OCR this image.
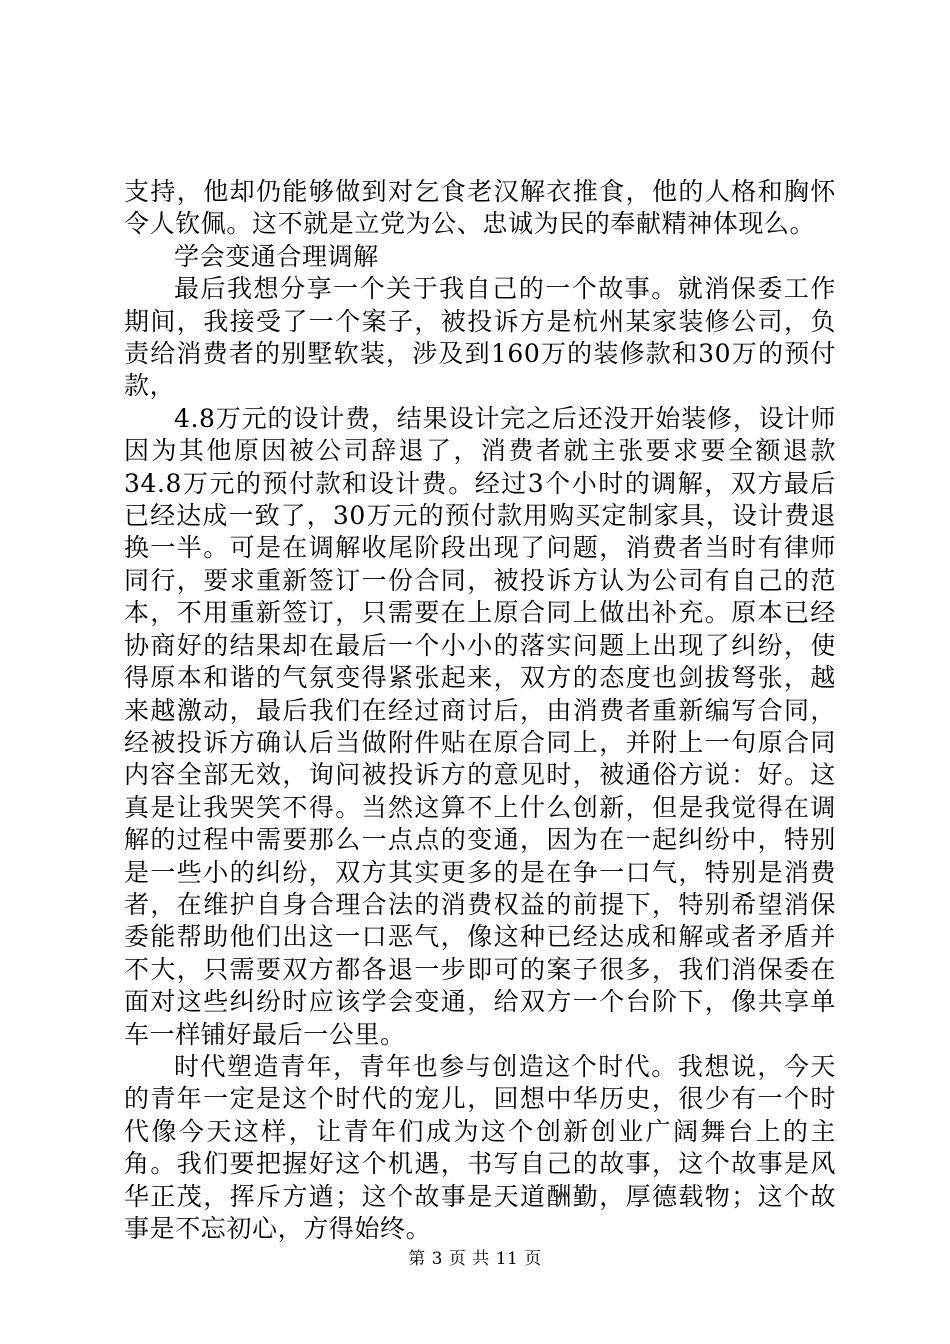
支持，他却仍能够做到对乞食老汉解衣推食，他的人格和胸怀令人钦佩。这不就是立党为公、忠诚为民的奉献精神体现么。

学会变通合理调解

最后我想分享一个关于我自己的一个故事。就消保委工作期间，我接受了一个案子，被投诉方是杭州某家装修公司，负责给消费者的别墅软装，涉及到160万的装修款和30万的预付款，

4.8万元的设计费，结果设计完之后还没开始装修，设计师因为其他原因被公司辞退了，消费者就主张要求要全额退款34.8万元的预付款和设计费。经过3个小时的调解，双方最后已经达成一致了，30万元的预付款用购买定制家具，设计费退换一半。可是在调解收尾阶段出现了问题，消费者当时有律师同行，要求重新签订一份合同，被投诉方认为公司有自己的范本，不用重新签订，只需要在上原合同上做出补充。原本已经协商好的结果却在最后一个小小的落实问题上出现了纠纷，使得原本和谐的气氛变得紧张起来，双方的态度也剑拔弩张，越来越激动，最后我们在经过商讨后，由消费者重新编写合同，经被投诉方确认后当做附件贴在原合同上，并附上一句原合同内容全部无效，询问被投诉方的意见时，被通俗方说：好。这真是让我哭笑不得。当然这算不上什么创新，但是我觉得在调解的过程中需要那么一点点的变通，因为在一起纠纷中，特别是一些小的纠纷，双方其实更多的是在争一口气，特别是消费者，在维护自身合理合法的消费权益的前提下，特别希望消保委能帮助他们出这一口恶气，像这种已经达成和解或者矛盾并不大，只需要双方都各退一步即可的案子很多，我们消保委在面对这些纠纷时应该学会变通，给双方一个台阶下，像共享单车一样铺好最后一公里。

时代塑造青年，青年也参与创造这个时代。我想说，今天的青年一定是这个时代的宠儿，回想中华历史，很少有一个时代像今天这样，让青年们成为这个创新创业广阔舞台上的主角。我们要把握好这个机遇，书写自己的故事，这个故事是风华正茂，挥斥方遒；这个故事是天道酬勤，厚德载物；这个故事是不忘初心，方得始终。

第 3 页 共 11 页
